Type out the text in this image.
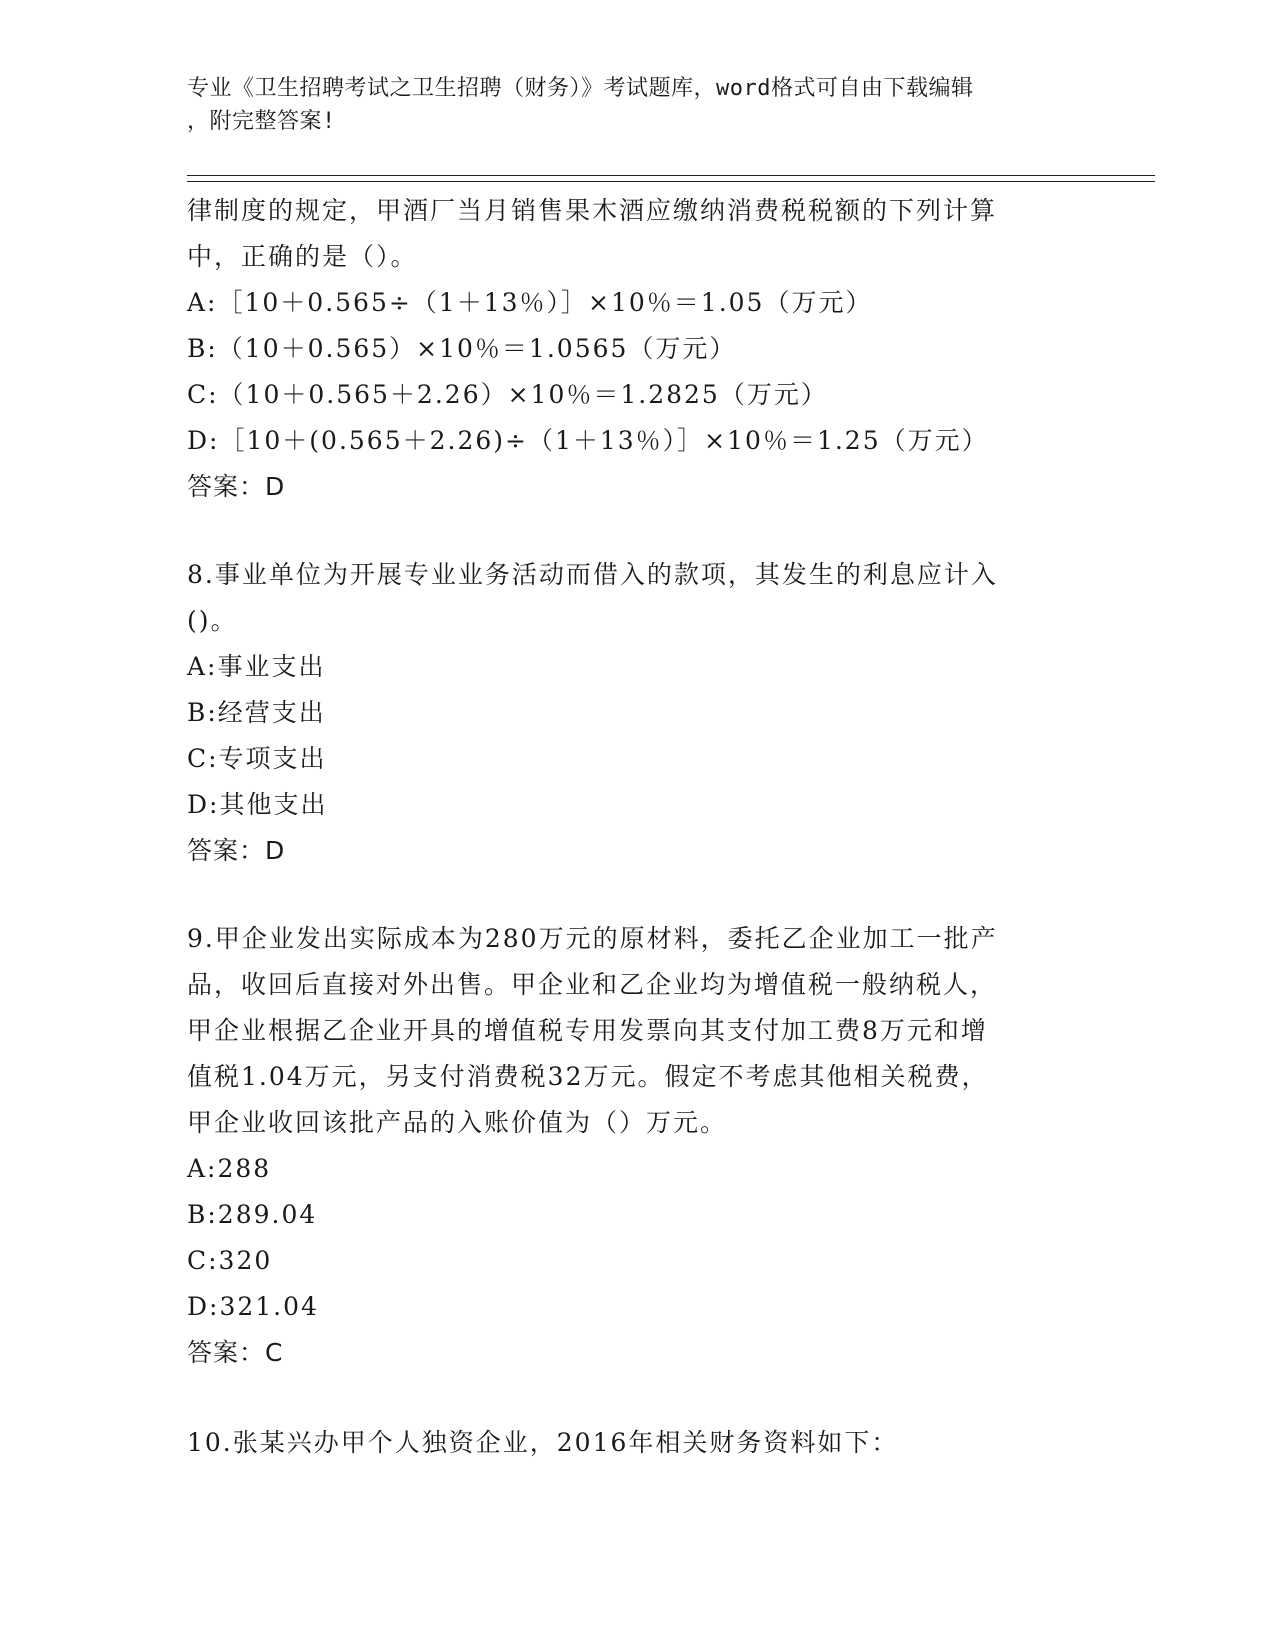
专业《卫生招聘考试之卫生招聘（财务）》考试题库，word格式可自由下载编辑
，附完整答案!
律制度的规定，甲酒厂当月销售果木酒应缴纳消费税税额的下列计算
中，正确的是（）。
A:［10＋0.565÷（1＋13％）］×10％＝1.05（万元）
B:（10＋0.565）×10％＝1.0565（万元）
C:（10＋0.565＋2.26）×10％＝1.2825（万元）
D:［10＋(0.565＋2.26)÷（1＋13％）］×10％＝1.25（万元）
答案：D
8.事业单位为开展专业业务活动而借入的款项，其发生的利息应计入
()。
A:事业支出
B:经营支出
C:专项支出
D:其他支出
答案：D
9.甲企业发出实际成本为280万元的原材料，委托乙企业加工一批产
品，收回后直接对外出售。甲企业和乙企业均为增值税一般纳税人，
甲企业根据乙企业开具的增值税专用发票向其支付加工费8万元和增
值税1.04万元，另支付消费税32万元。假定不考虑其他相关税费，
甲企业收回该批产品的入账价值为（）万元。
A:288
B:289.04
C:320
D:321.04
答案：C
10.张某兴办甲个人独资企业，2016年相关财务资料如下：
